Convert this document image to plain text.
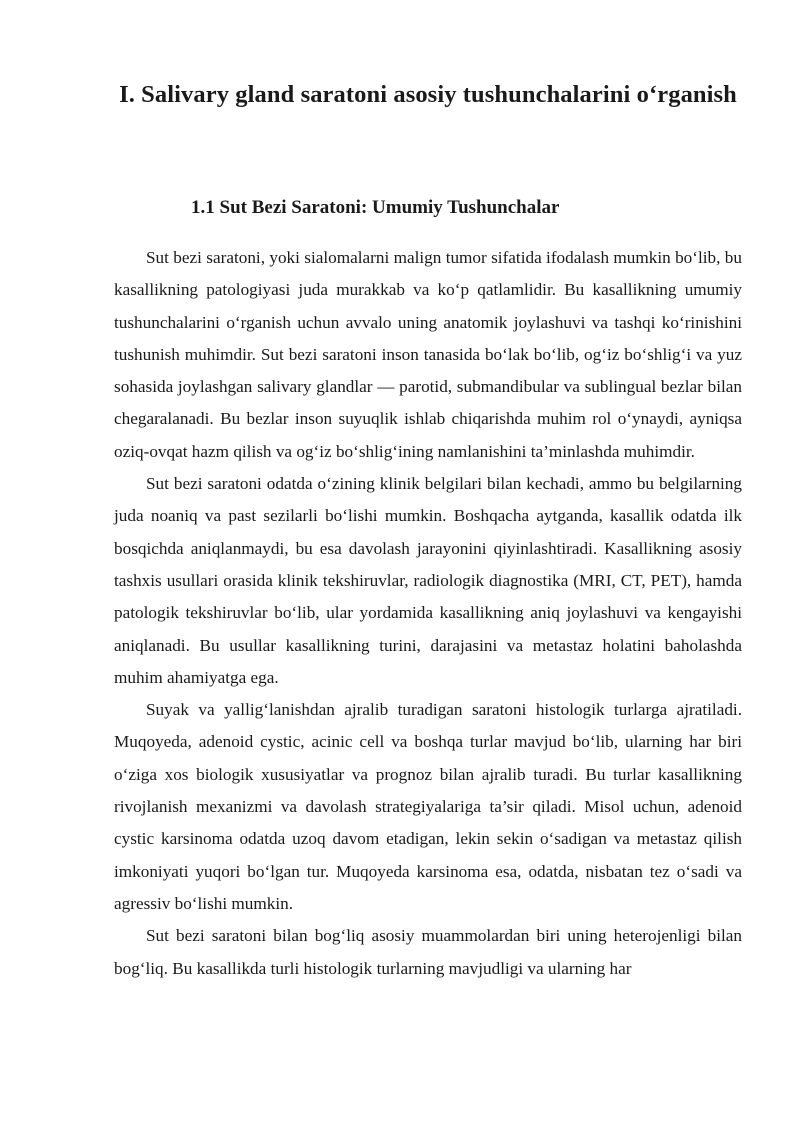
I. Salivary gland saratoni asosiy tushunchalarini o‘rganish
1.1 Sut Bezi Saratoni: Umumiy Tushunchalar

Sut bezi saratoni, yoki sialomalarni malign tumor sifatida ifodalash mumkin bo‘lib, bu kasallikning patologiyasi juda murakkab va ko‘p qatlamlidir. Bu kasallikning umumiy tushunchalarini o‘rganish uchun avvalo uning anatomik joylashuvi va tashqi ko‘rinishini tushunish muhimdir. Sut bezi saratoni inson tanasida bo‘lak bo‘lib, og‘iz bo‘shlig‘i va yuz sohasida joylashgan salivary glandlar — parotid, submandibular va sublingual bezlar bilan chegaralanadi. Bu bezlar inson suyuqlik ishlab chiqarishda muhim rol o‘ynaydi, ayniqsa oziq-ovqat hazm qilish va og‘iz bo‘shlig‘ining namlanishini ta’minlashda muhimdir.

Sut bezi saratoni odatda o‘zining klinik belgilari bilan kechadi, ammo bu belgilarning juda noaniq va past sezilarli bo‘lishi mumkin. Boshqacha aytganda, kasallik odatda ilk bosqichda aniqlanmaydi, bu esa davolash jarayonini qiyinlashtiradi. Kasallikning asosiy tashxis usullari orasida klinik tekshiruvlar, radiologik diagnostika (MRI, CT, PET), hamda patologik tekshiruvlar bo‘lib, ular yordamida kasallikning aniq joylashuvi va kengayishi aniqlanadi. Bu usullar kasallikning turini, darajasini va metastaz holatini baholashda muhim ahamiyatga ega.

Suyak va yallig‘lanishdan ajralib turadigan saratoni histologik turlarga ajratiladi. Muqoyeda, adenoid cystic, acinic cell va boshqa turlar mavjud bo‘lib, ularning har biri o‘ziga xos biologik xususiyatlar va prognoz bilan ajralib turadi. Bu turlar kasallikning rivojlanish mexanizmi va davolash strategiyalariga ta’sir qiladi. Misol uchun, adenoid cystic karsinoma odatda uzoq davom etadigan, lekin sekin o‘sadigan va metastaz qilish imkoniyati yuqori bo‘lgan tur. Muqoyeda karsinoma esa, odatda, nisbatan tez o‘sadi va agressiv bo‘lishi mumkin.

Sut bezi saratoni bilan bog‘liq asosiy muammolardan biri uning heterojenligi bilan bog‘liq. Bu kasallikda turli histologik turlarning mavjudligi va ularning har
